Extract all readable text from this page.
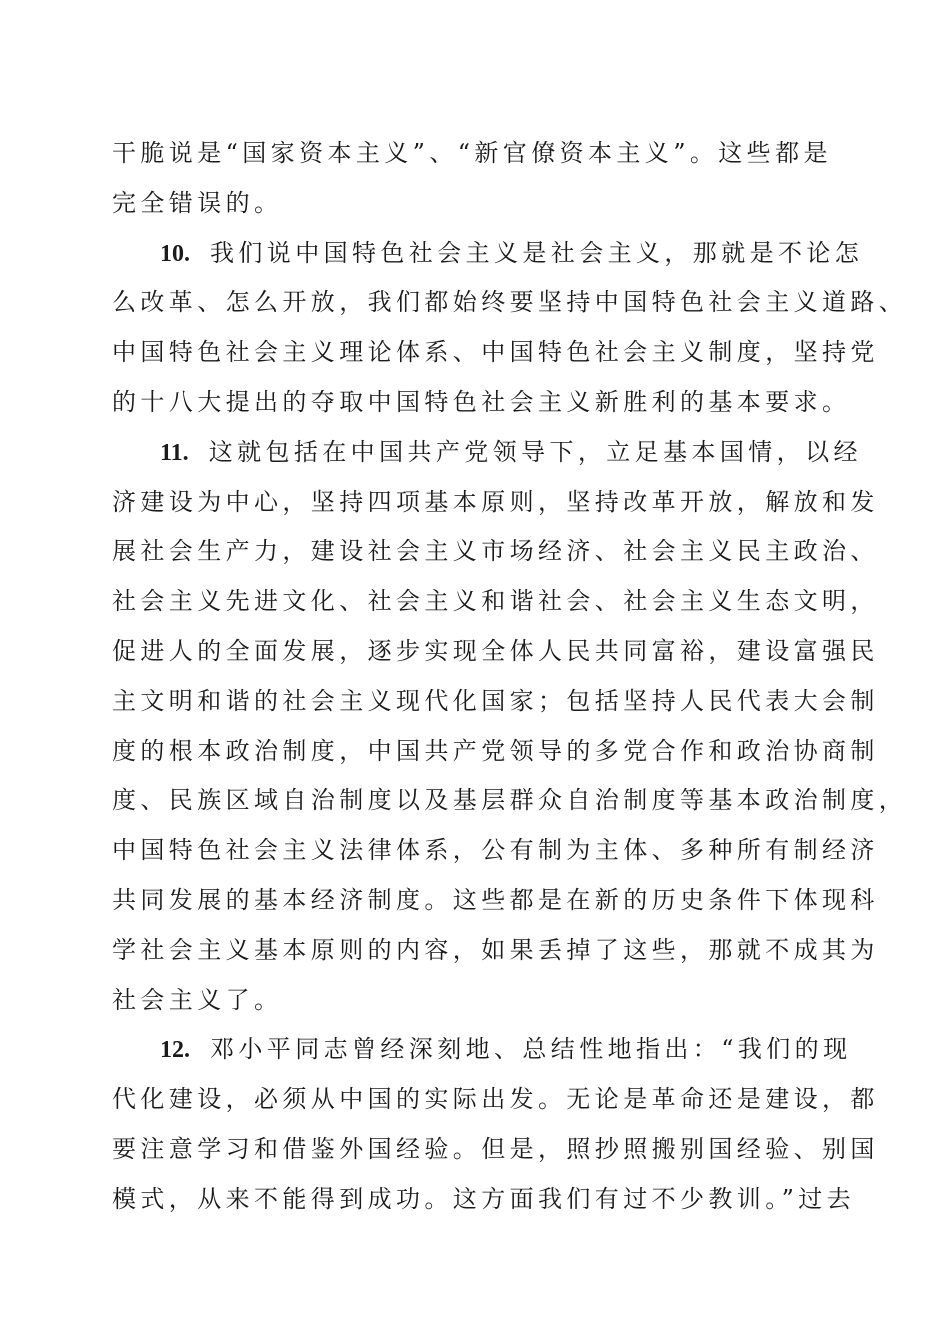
干脆说是“国家资本主义”、“新官僚资本主义”。这些都是
完全错误的。
10. 我们说中国特色社会主义是社会主义，那就是不论怎
么改革、怎么开放，我们都始终要坚持中国特色社会主义道路、
中国特色社会主义理论体系、中国特色社会主义制度，坚持党
的十八大提出的夺取中国特色社会主义新胜利的基本要求。
11. 这就包括在中国共产党领导下，立足基本国情，以经
济建设为中心，坚持四项基本原则，坚持改革开放，解放和发
展社会生产力，建设社会主义市场经济、社会主义民主政治、
社会主义先进文化、社会主义和谐社会、社会主义生态文明，
促进人的全面发展，逐步实现全体人民共同富裕，建设富强民
主文明和谐的社会主义现代化国家；包括坚持人民代表大会制
度的根本政治制度，中国共产党领导的多党合作和政治协商制
度、民族区域自治制度以及基层群众自治制度等基本政治制度，
中国特色社会主义法律体系，公有制为主体、多种所有制经济
共同发展的基本经济制度。这些都是在新的历史条件下体现科
学社会主义基本原则的内容，如果丢掉了这些，那就不成其为
社会主义了。
12. 邓小平同志曾经深刻地、总结性地指出：“我们的现
代化建设，必须从中国的实际出发。无论是革命还是建设，都
要注意学习和借鉴外国经验。但是，照抄照搬别国经验、别国
模式，从来不能得到成功。这方面我们有过不少教训。”过去
